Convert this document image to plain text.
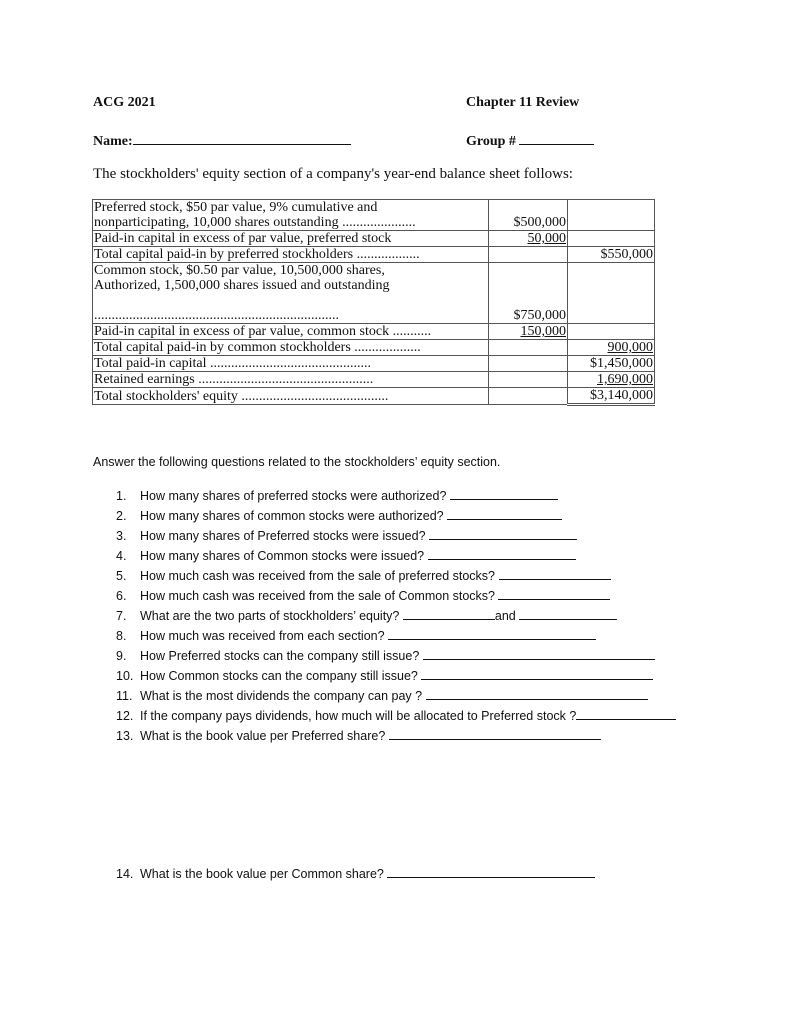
ACG 2021	Chapter 11 Review
Name:	Group #
The stockholders' equity section of a company's year-end balance sheet follows:
Preferred stock, $50 par value, 9% cumulative and
nonparticipating, 10,000 shares outstanding .....................	$500,000	
Paid-in capital in excess of par value, preferred stock	50,000	
Total capital paid-in by preferred stockholders ..................		$550,000
Common stock, $0.50 par value, 10,500,000 shares,
Authorized, 1,500,000 shares issued and outstanding

......................................................................	$750,000	
Paid-in capital in excess of par value, common stock ...........	150,000	
Total capital paid-in by common stockholders ...................		900,000
Total paid-in capital ..............................................		$1,450,000
Retained earnings ..................................................		1,690,000
Total stockholders' equity ..........................................		$3,140,000
Answer the following questions related to the stockholders’ equity section.
1. How many shares of preferred stocks were authorized?
2. How many shares of common stocks were authorized?
3. How many shares of Preferred stocks were issued?
4. How many shares of Common stocks were issued?
5. How much cash was received from the sale of preferred stocks?
6. How much cash was received from the sale of Common stocks?
7. What are the two parts of stockholders’ equity?	and
8. How much was received from each section?
9. How Preferred stocks can the company still issue?
10. How Common stocks can the company still issue?
11. What is the most dividends the company can pay ?
12. If the company pays dividends, how much will be allocated to Preferred stock ?
13. What is the book value per Preferred share?
14. What is the book value per Common share?
